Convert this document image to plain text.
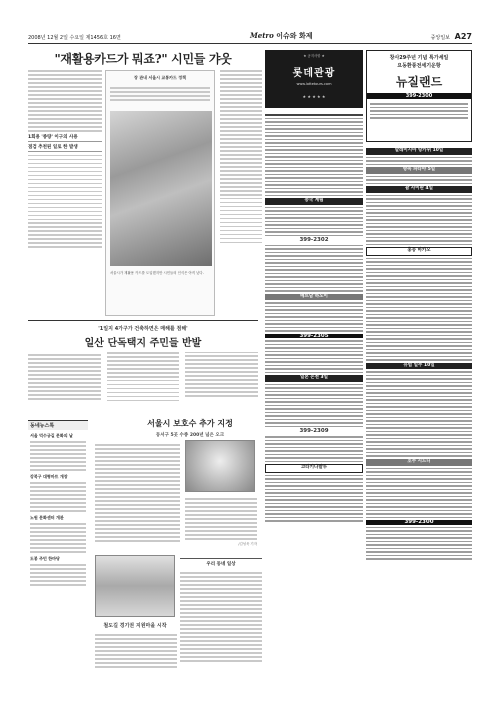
2008년 12월 2일 수요일 제1456호 16면	Metro 이슈와 화제	중앙일보 A27
"재활용카드가 뭐죠?" 시민들 갸웃
1회용 '종량' 이구의 사용
점검 추천된 일로 한 발생
장 관내 서울시 교통카드 정책
서울시가 재활용 카드를 도입했지만 시민들의 인식은 아직 낮다.
'1일지 4가구가 건축하면은 매해를 점해'
일산 단독택지 주민들 반발
동네뉴스톡
서울 덕수궁길 문화의 날
강북구 대형마트 개장
노원 문화센터 개관
도봉 주민 한마당
서울시 보호수 추가 지정
동서구 5곳 수종 200년 넘은 오크
/김성욱 기자
철도길 경기권 지원마을 시작
우리 동네 일상
★ 공지사항 ★
롯데관광
www.lottetours.com
★ ★ ★ ★ ★
창사29주년 기념 특가세일
요동환풍전세기운항
뉴질랜드
399-2300
중국 계림
399-2302
베트남 하노이
399-2305
일본 온천 3일
399-2309
코타키나발루
말레이시아 랑카위 10일
방콕 파타야 5일
괌 사이판 4일
홍콩 마카오
유럽 일주 10일
호주 시드니
399-2300
